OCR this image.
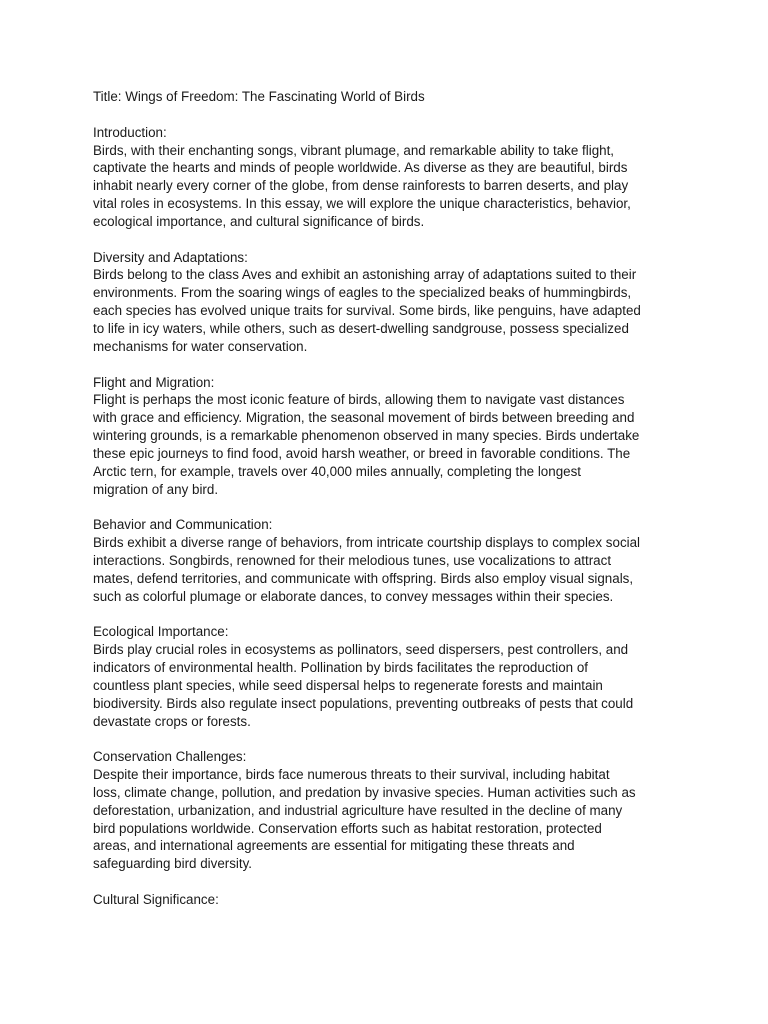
Title: Wings of Freedom: The Fascinating World of Birds
Introduction:
Birds, with their enchanting songs, vibrant plumage, and remarkable ability to take flight,
captivate the hearts and minds of people worldwide. As diverse as they are beautiful, birds
inhabit nearly every corner of the globe, from dense rainforests to barren deserts, and play
vital roles in ecosystems. In this essay, we will explore the unique characteristics, behavior,
ecological importance, and cultural significance of birds.
Diversity and Adaptations:
Birds belong to the class Aves and exhibit an astonishing array of adaptations suited to their
environments. From the soaring wings of eagles to the specialized beaks of hummingbirds,
each species has evolved unique traits for survival. Some birds, like penguins, have adapted
to life in icy waters, while others, such as desert-dwelling sandgrouse, possess specialized
mechanisms for water conservation.
Flight and Migration:
Flight is perhaps the most iconic feature of birds, allowing them to navigate vast distances
with grace and efficiency. Migration, the seasonal movement of birds between breeding and
wintering grounds, is a remarkable phenomenon observed in many species. Birds undertake
these epic journeys to find food, avoid harsh weather, or breed in favorable conditions. The
Arctic tern, for example, travels over 40,000 miles annually, completing the longest
migration of any bird.
Behavior and Communication:
Birds exhibit a diverse range of behaviors, from intricate courtship displays to complex social
interactions. Songbirds, renowned for their melodious tunes, use vocalizations to attract
mates, defend territories, and communicate with offspring. Birds also employ visual signals,
such as colorful plumage or elaborate dances, to convey messages within their species.
Ecological Importance:
Birds play crucial roles in ecosystems as pollinators, seed dispersers, pest controllers, and
indicators of environmental health. Pollination by birds facilitates the reproduction of
countless plant species, while seed dispersal helps to regenerate forests and maintain
biodiversity. Birds also regulate insect populations, preventing outbreaks of pests that could
devastate crops or forests.
Conservation Challenges:
Despite their importance, birds face numerous threats to their survival, including habitat
loss, climate change, pollution, and predation by invasive species. Human activities such as
deforestation, urbanization, and industrial agriculture have resulted in the decline of many
bird populations worldwide. Conservation efforts such as habitat restoration, protected
areas, and international agreements are essential for mitigating these threats and
safeguarding bird diversity.
Cultural Significance:
